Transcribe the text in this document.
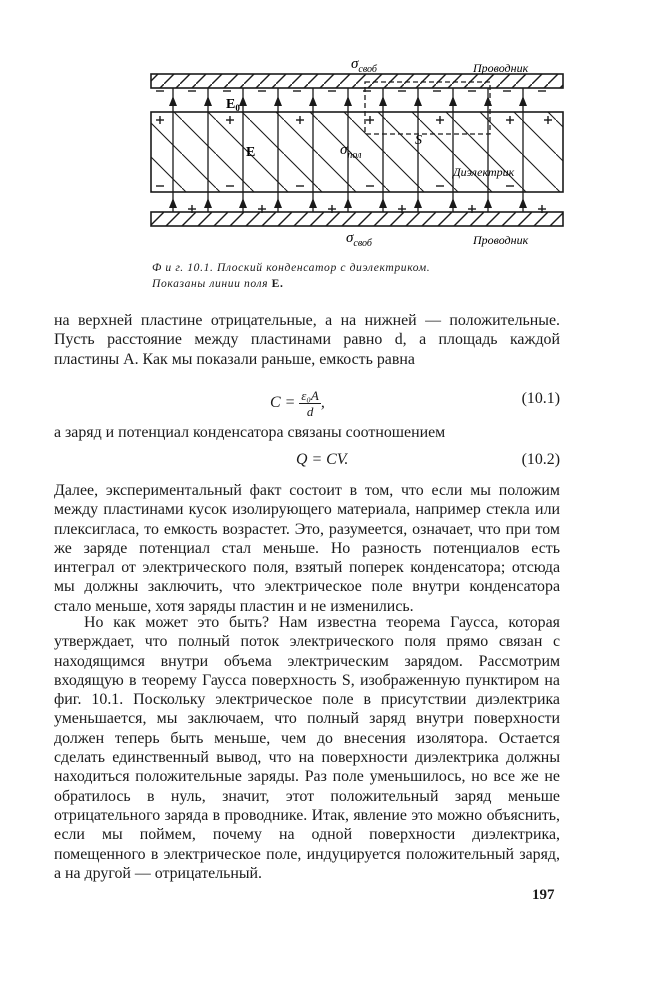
$\sigma_{своб}$	Проводник
$E_0$
E	$\sigma_{пол}$
S
Диэлектрик
$\sigma_{своб}$	Проводник
Ф и г. 10.1. Плоский конденсатор с диэлектриком.
Показаны линии поля E.

на верхней пластине отрицательные, а на нижней — положительные. Пусть расстояние между пластинами равно d, а площадь каждой пластины A. Как мы показали раньше, емкость равна

$C = \frac{\text{ε₀A}}{d}$ ,	(10.1)

а заряд и потенциал конденсатора связаны соотношением

Q = CV.	(10.2)

Далее, экспериментальный факт состоит в том, что если мы положим между пластинами кусок изолирующего материала, например стекла или плексигласа, то емкость возрастет. Это, разумеется, означает, что при том же заряде потенциал стал меньше. Но разность потенциалов есть интеграл от электрического поля, взятый поперек конденсатора; отсюда мы должны заключить, что электрическое поле внутри конденсатора стало меньше, хотя заряды пластин и не изменились.

Но как может это быть? Нам известна теорема Гаусса, которая утверждает, что полный поток электрического поля прямо связан с находящимся внутри объема электрическим зарядом. Рассмотрим входящую в теорему Гаусса поверхность S, изображенную пунктиром на фиг. 10.1. Поскольку электрическое поле в присутствии диэлектрика уменьшается, мы заключаем, что полный заряд внутри поверхности должен теперь быть меньше, чем до внесения изолятора. Остается сделать единственный вывод, что на поверхности диэлектрика должны находиться положительные заряды. Раз поле уменьшилось, но все же не обратилось в нуль, значит, этот положительный заряд меньше отрицательного заряда в проводнике. Итак, явление это можно объяснить, если мы поймем, почему на одной поверхности диэлектрика, помещенного в электрическое поле, индуцируется положительный заряд, а на другой — отрицательный.

197
